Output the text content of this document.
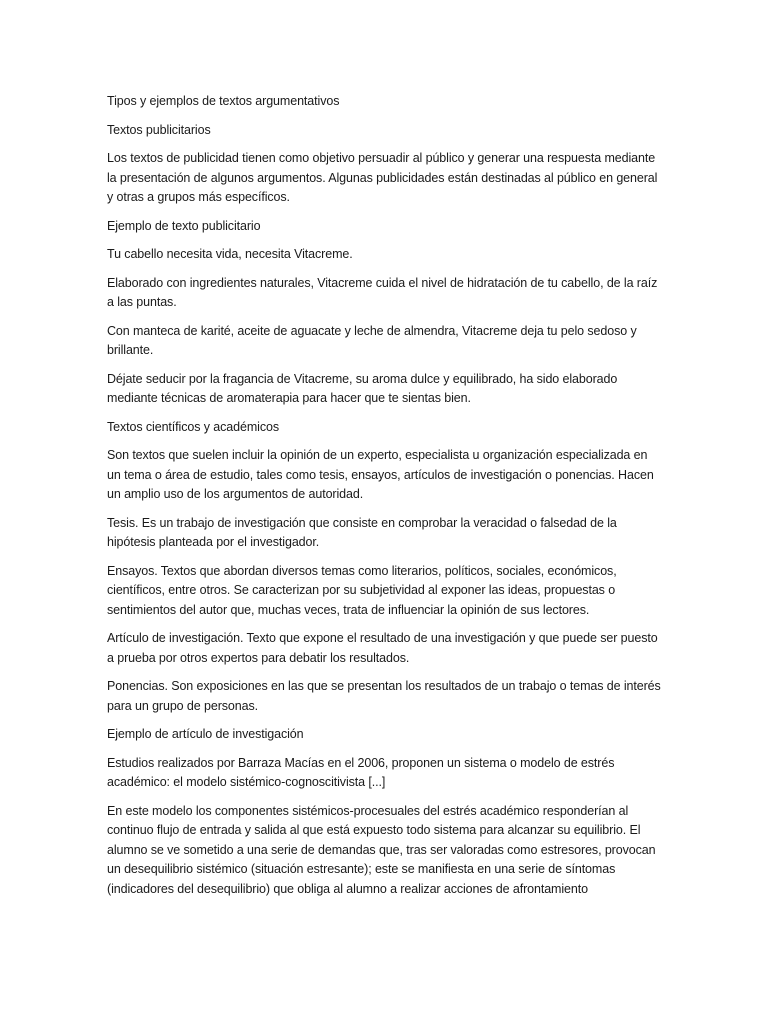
Tipos y ejemplos de textos argumentativos

Textos publicitarios

Los textos de publicidad tienen como objetivo persuadir al público y generar una respuesta mediante la presentación de algunos argumentos. Algunas publicidades están destinadas al público en general y otras a grupos más específicos.

Ejemplo de texto publicitario

Tu cabello necesita vida, necesita Vitacreme.

Elaborado con ingredientes naturales, Vitacreme cuida el nivel de hidratación de tu cabello, de la raíz a las puntas.

Con manteca de karité, aceite de aguacate y leche de almendra, Vitacreme deja tu pelo sedoso y brillante.

Déjate seducir por la fragancia de Vitacreme, su aroma dulce y equilibrado, ha sido elaborado mediante técnicas de aromaterapia para hacer que te sientas bien.

Textos científicos y académicos

Son textos que suelen incluir la opinión de un experto, especialista u organización especializada en un tema o área de estudio, tales como tesis, ensayos, artículos de investigación o ponencias. Hacen un amplio uso de los argumentos de autoridad.

Tesis. Es un trabajo de investigación que consiste en comprobar la veracidad o falsedad de la hipótesis planteada por el investigador.

Ensayos. Textos que abordan diversos temas como literarios, políticos, sociales, económicos, científicos, entre otros. Se caracterizan por su subjetividad al exponer las ideas, propuestas o sentimientos del autor que, muchas veces, trata de influenciar la opinión de sus lectores.

Artículo de investigación. Texto que expone el resultado de una investigación y que puede ser puesto a prueba por otros expertos para debatir los resultados.

Ponencias. Son exposiciones en las que se presentan los resultados de un trabajo o temas de interés para un grupo de personas.

Ejemplo de artículo de investigación

Estudios realizados por Barraza Macías en el 2006, proponen un sistema o modelo de estrés académico: el modelo sistémico-cognoscitivista [...]

En este modelo los componentes sistémicos-procesuales del estrés académico responderían al continuo flujo de entrada y salida al que está expuesto todo sistema para alcanzar su equilibrio. El alumno se ve sometido a una serie de demandas que, tras ser valoradas como estresores, provocan un desequilibrio sistémico (situación estresante); este se manifiesta en una serie de síntomas (indicadores del desequilibrio) que obliga al alumno a realizar acciones de afrontamiento
